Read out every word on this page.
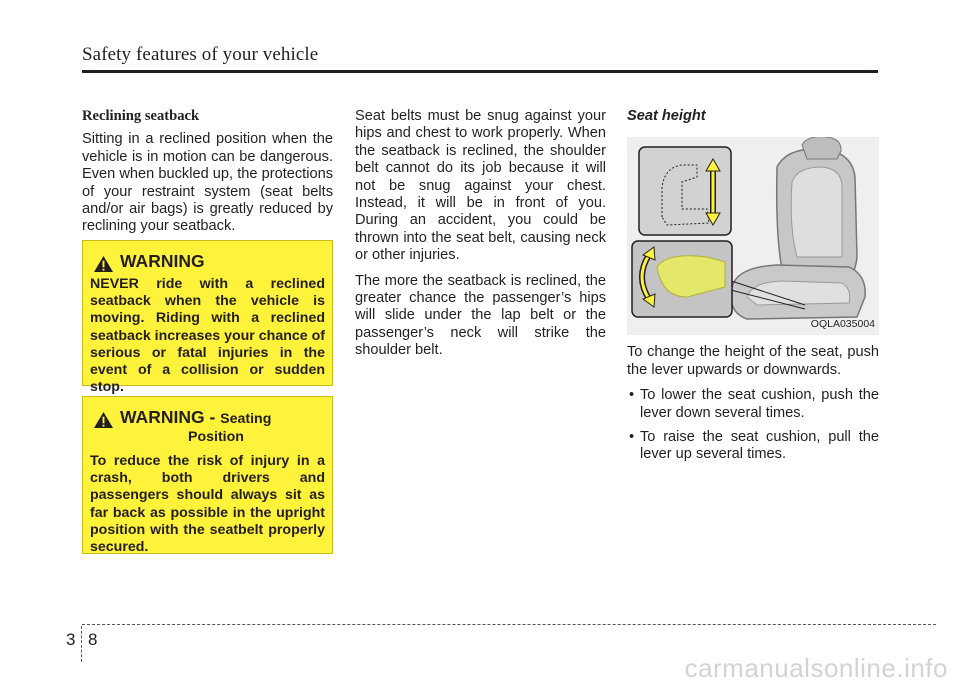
Safety features of your vehicle
Reclining seatback

Sitting in a reclined position when the vehicle is in motion can be dangerous. Even when buckled up, the protections of your restraint system (seat belts and/or air bags) is greatly reduced by reclining your seatback.

WARNING

NEVER ride with a reclined seatback when the vehicle is moving. Riding with a reclined seatback increases your chance of serious or fatal injuries in the event of a collision or sudden stop.

WARNING - Seating
Position

To reduce the risk of injury in a crash, both drivers and passengers should always sit as far back as possible in the upright position with the seatbelt properly secured.

Seat belts must be snug against your hips and chest to work properly. When the seatback is reclined, the shoulder belt cannot do its job because it will not be snug against your chest. Instead, it will be in front of you. During an accident, you could be thrown into the seat belt, causing neck or other injuries.

The more the seatback is reclined, the greater chance the passenger’s hips will slide under the lap belt or the passenger’s neck will strike the shoulder belt.

Seat height
OQLA035004

To change the height of the seat, push the lever upwards or downwards.

• To lower the seat cushion, push the lever down several times.
• To raise the seat cushion, pull the lever up several times.
3 8
carmanualsonline.info
